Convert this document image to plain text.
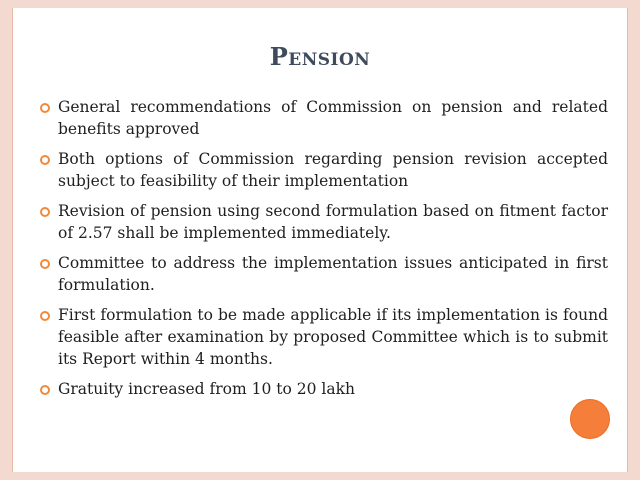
Pension
General recommendations of Commission on pension and related benefits approved
Both options of Commission regarding pension revision accepted subject to feasibility of their implementation
Revision of pension using second formulation based on fitment factor of 2.57 shall be implemented immediately.
Committee to address the implementation issues anticipated in first formulation.
First formulation to be made applicable if its implementation is found feasible after examination by proposed Committee which is to submit its Report within 4 months.
Gratuity increased from 10 to 20 lakh
